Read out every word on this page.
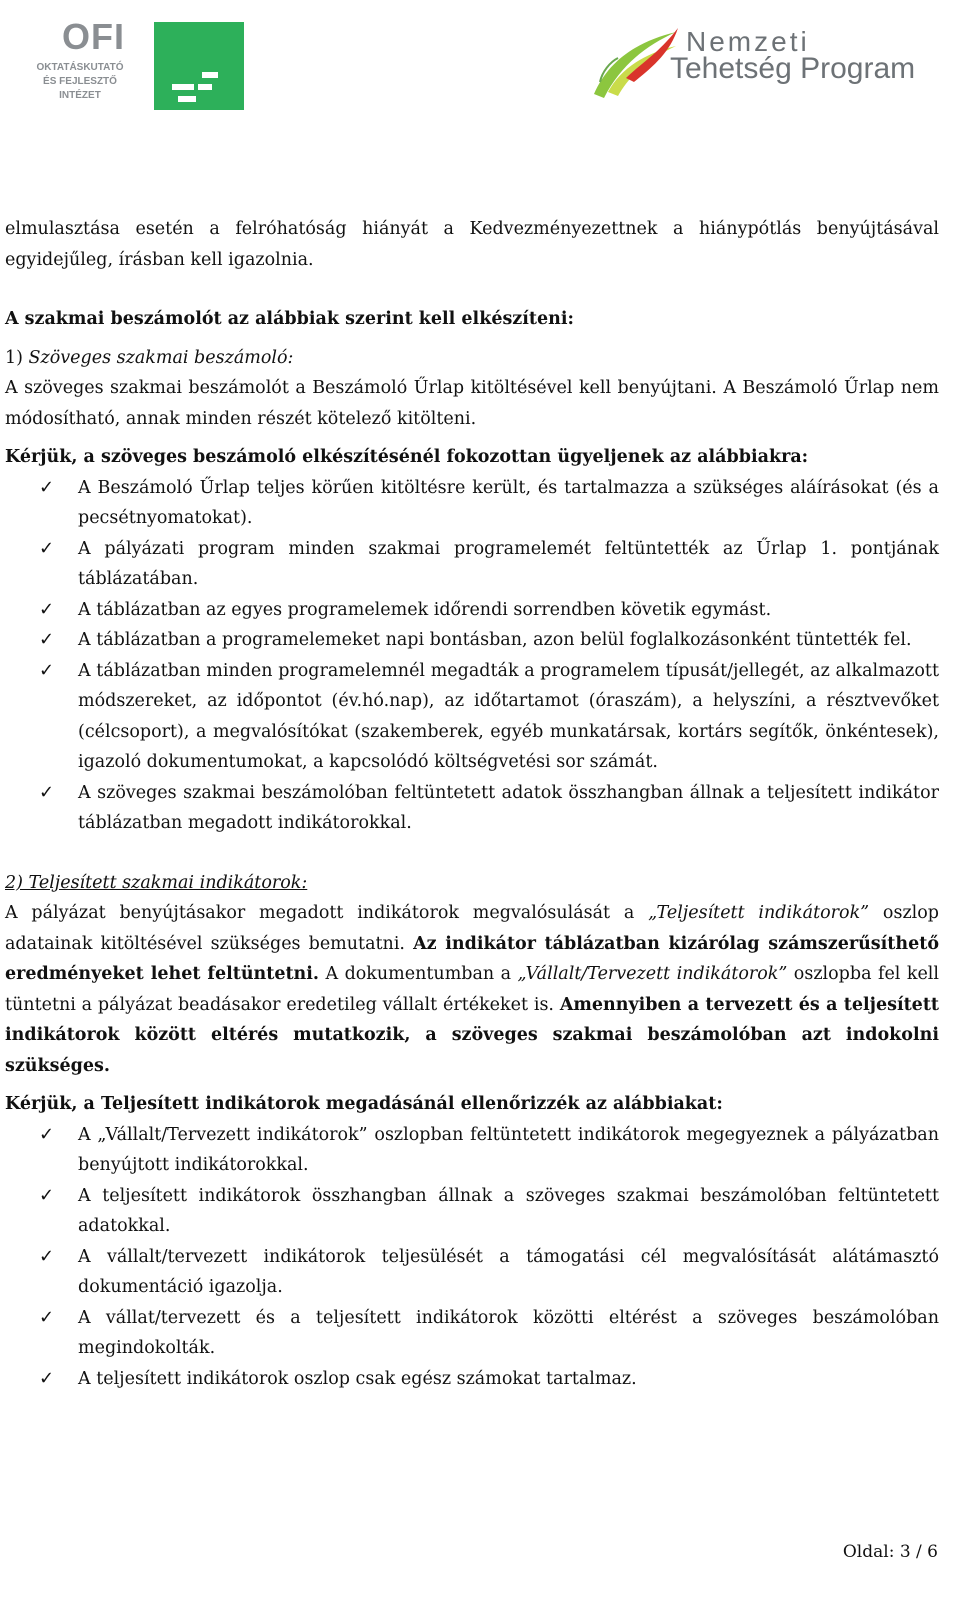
OFI
OKTATÁSKUTATÓ
ÉS FEJLESZTŐ
INTÉZET
Nemzeti
Tehetség Program

elmulasztása esetén a felróhatóság hiányát a Kedvezményezettnek a hiánypótlás benyújtásával egyidejűleg, írásban kell igazolnia.

A szakmai beszámolót az alábbiak szerint kell elkészíteni:

1) Szöveges szakmai beszámoló:

A szöveges szakmai beszámolót a Beszámoló Űrlap kitöltésével kell benyújtani. A Beszámoló Űrlap nem módosítható, annak minden részét kötelező kitölteni.

Kérjük, a szöveges beszámoló elkészítésénél fokozottan ügyeljenek az alábbiakra:

✓ A Beszámoló Űrlap teljes körűen kitöltésre került, és tartalmazza a szükséges aláírásokat (és a pecsétnyomatokat).
✓ A pályázati program minden szakmai programelemét feltüntették az Űrlap 1. pontjának táblázatában.
✓ A táblázatban az egyes programelemek időrendi sorrendben követik egymást.
✓ A táblázatban a programelemeket napi bontásban, azon belül foglalkozásonként tüntették fel.
✓ A táblázatban minden programelemnél megadták a programelem típusát/jellegét, az alkalmazott módszereket, az időpontot (év.hó.nap), az időtartamot (óraszám), a helyszíni, a résztvevőket (célcsoport), a megvalósítókat (szakemberek, egyéb munkatársak, kortárs segítők, önkéntesek), igazoló dokumentumokat, a kapcsolódó költségvetési sor számát.
✓ A szöveges szakmai beszámolóban feltüntetett adatok összhangban állnak a teljesített indikátor táblázatban megadott indikátorokkal.

2) Teljesített szakmai indikátorok:

A pályázat benyújtásakor megadott indikátorok megvalósulását a „Teljesített indikátorok” oszlop adatainak kitöltésével szükséges bemutatni. Az indikátor táblázatban kizárólag számszerűsíthető eredményeket lehet feltüntetni. A dokumentumban a „Vállalt/Tervezett indikátorok” oszlopba fel kell tüntetni a pályázat beadásakor eredetileg vállalt értékeket is. Amennyiben a tervezett és a teljesített indikátorok között eltérés mutatkozik, a szöveges szakmai beszámolóban azt indokolni szükséges.

Kérjük, a Teljesített indikátorok megadásánál ellenőrizzék az alábbiakat:

✓ A „Vállalt/Tervezett indikátorok” oszlopban feltüntetett indikátorok megegyeznek a pályázatban benyújtott indikátorokkal.
✓ A teljesített indikátorok összhangban állnak a szöveges szakmai beszámolóban feltüntetett adatokkal.
✓ A vállalt/tervezett indikátorok teljesülését a támogatási cél megvalósítását alátámasztó dokumentáció igazolja.
✓ A vállat/tervezett és a teljesített indikátorok közötti eltérést a szöveges beszámolóban megindokolták.
✓ A teljesített indikátorok oszlop csak egész számokat tartalmaz.
Oldal: 3 / 6
